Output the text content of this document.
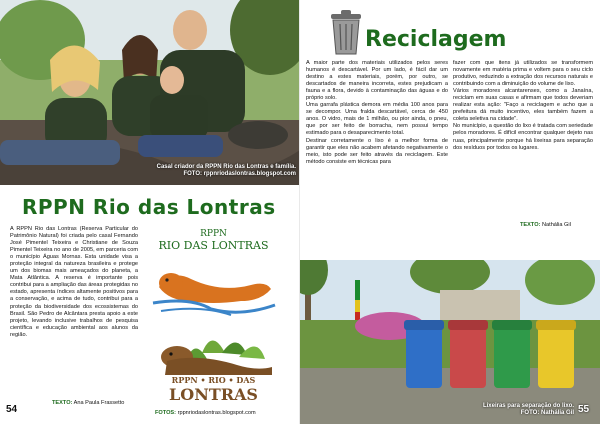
Casal criador da RPPN Rio das Lontras e família.
FOTO: rppnriodaslontras.blogspot.com
RPPN Rio das Lontras
A RPPN Rio das Lontras (Reserva Particular do Patrimônio Natural) foi criada pelo casal Fernando José Pimentel Teixeira e Christiane de Souza Pimentel Teixeira no ano de 2005, em parceria com o município Águas Mornas. Esta unidade visa a proteção integral da natureza brasileira e protege um dos biomas mais ameaçados do planeta, a Mata Atlântica. A reserva é importante pois contribui para a ampliação das áreas protegidas no estado, apresenta índices altamente positivos para a conservação, e acima de tudo, contribui para a proteção da biodiversidade dos ecossistemas do Brasil. São Pedro de Alcântara presta apoio a este projeto, levando inclusive trabalhos de pesquisa científica e educação ambiental aos alunos da região.
TEXTO: Ana Paula Frassetto
54
RPPN
RIO DAS LONTRAS
RPPN • RIO • DAS
LONTRAS
FOTOS: rppnriodaslontras.blogspot.com
Reciclagem
A maior parte dos materiais utilizados pelos seres humanos é descartável. Por um lado, é fácil dar um destino a estes materiais, porém, por outro, se descartados de maneira incorreta, estes prejudicam a fauna e a flora, devido à contaminação das águas e do próprio solo.
Uma garrafa plástica demora em média 100 anos para se decompor. Uma fralda descartável, cerca de 450 anos. O vidro, mais de 1 milhão, ou pior ainda, o pneu, que por ser feito de borracha, nem possui tempo estimado para o desaparecimento total.
Destinar corretamente o lixo é a melhor forma de garantir que eles não acabem afetando negativamente o meio, isto pode ser feito através da reciclagem. Este método consiste em técnicas para
fazer com que itens já utilizados se transformem novamente em matéria prima e voltem para o seu ciclo produtivo, reduzindo a extração dos recursos naturais e contribuindo com a diminuição do volume de lixo.
Vários moradores alcantarenses, como a Janaína, reciclam em suas casas e afirmam que todos deveriam realizar esta ação: "Faço a reciclagem e acho que a prefeitura dá muito incentivo, eles também fazem a coleta seletiva na cidade".
No município, a questão do lixo é tratada com seriedade pelos moradores. É difícil encontrar qualquer dejeto nas ruas, principalmente porque há lixeiras para separação dos resíduos por todos os lugares.
TEXTO: Nathália Gil
Lixeiras para separação do lixo.
FOTO: Nathália Gil 55
